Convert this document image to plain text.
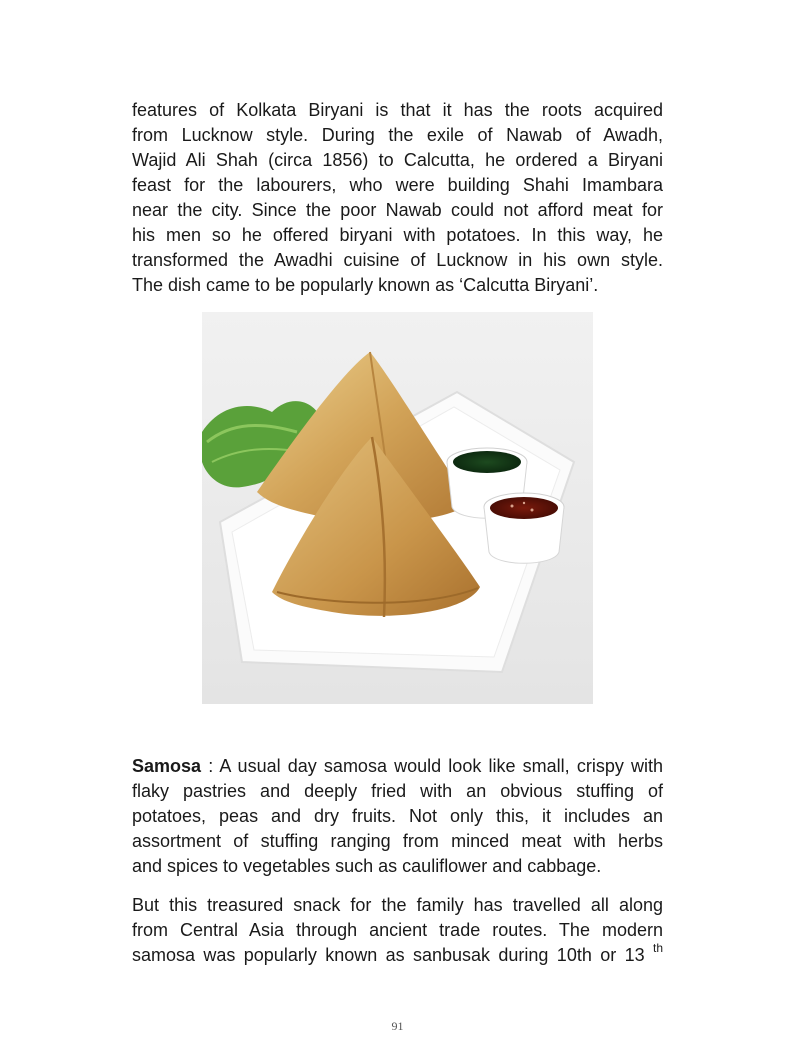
features of Kolkata Biryani is that it has the roots acquired
from Lucknow style. During the exile of Nawab of Awadh,
Wajid Ali Shah (circa 1856) to Calcutta, he ordered a Biryani
feast for the labourers, who were building Shahi Imambara
near the city. Since the poor Nawab could not afford meat for
his men so he offered biryani with potatoes. In this way, he
transformed the Awadhi cuisine of Lucknow in his own style.
The dish came to be popularly known as ‘Calcutta Biryani’.
Samosa : A usual day samosa would look like small, crispy with
flaky pastries and deeply fried with an obvious stuffing of
potatoes, peas and dry fruits. Not only this, it includes an
assortment of stuffing ranging from minced meat with herbs
and spices to vegetables such as cauliflower and cabbage.
But this treasured snack for the family has travelled all along
from Central Asia through ancient trade routes. The modern
samosa was popularly known as sanbusak during 10th or 13 $^{th}$
91
